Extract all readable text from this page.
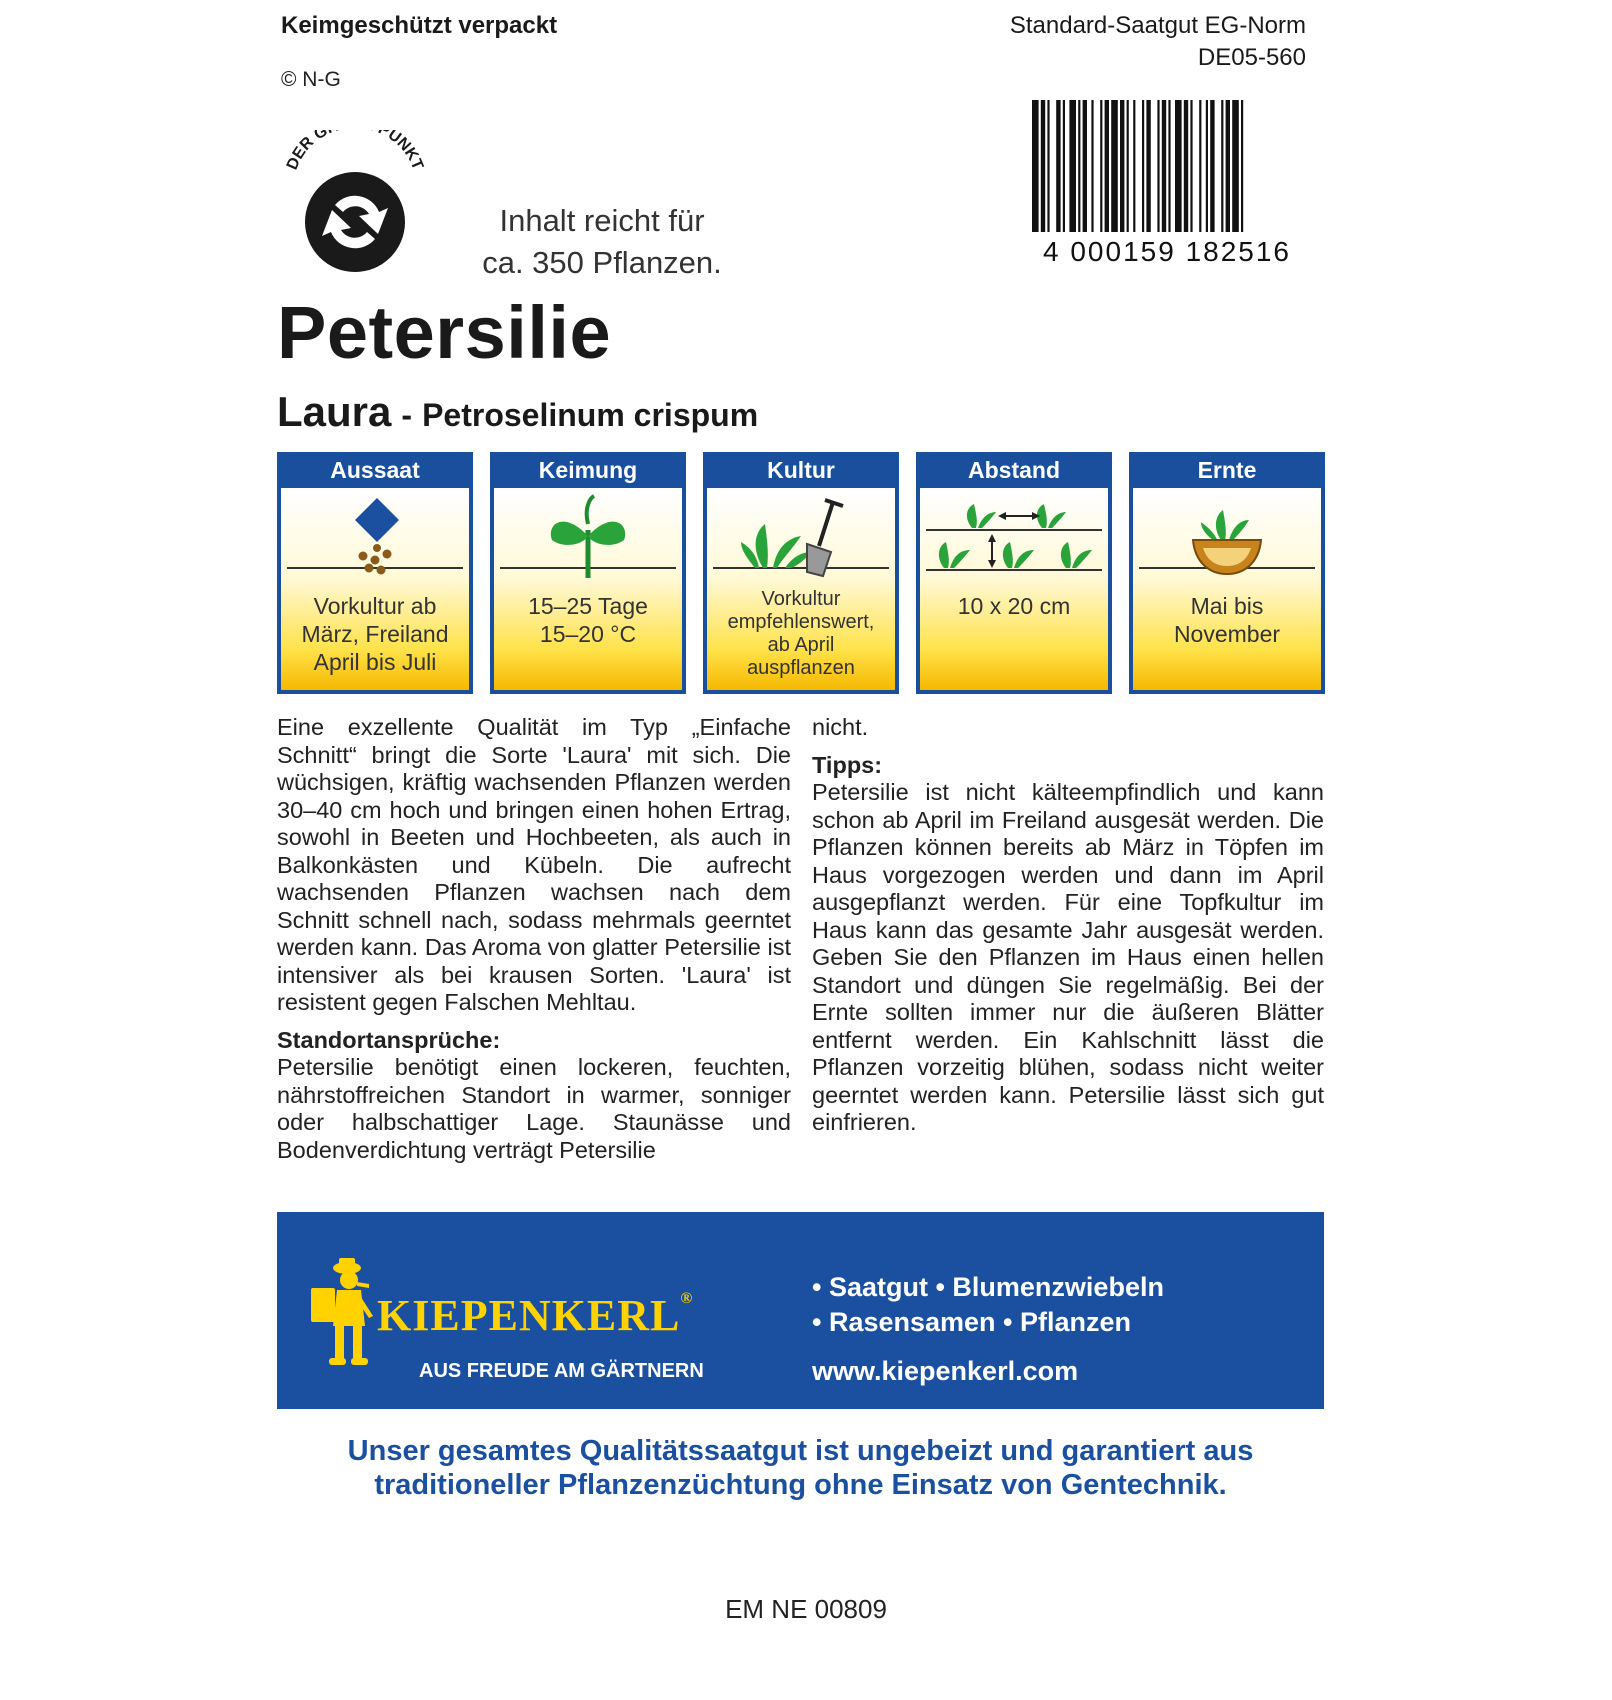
Keimgeschützt verpackt
© N-G
Standard-Saatgut EG-Norm
DE05-560
DER G PUNKT
4 000159 182516
Inhalt reicht für
ca. 350 Pflanzen.
Petersilie
Laura - Petroselinum crispum
Aussaat
Vorkultur ab
März, Freiland
April bis Juli
Keimung
15–25 Tage
15–20 °C
Kultur
Vorkultur
empfehlenswert,
ab April
auspflanzen
Abstand
10 x 20 cm
Ernte
Mai bis
November

Eine exzellente Qualität im Typ „Einfache Schnitt“ bringt die Sorte 'Laura' mit sich. Die wüchsigen, kräftig wachsenden Pflanzen werden 30–40 cm hoch und bringen einen hohen Ertrag, sowohl in Beeten und Hochbeeten, als auch in Balkonkästen und Kübeln. Die aufrecht wachsenden Pflanzen wachsen nach dem Schnitt schnell nach, sodass mehrmals geerntet werden kann. Das Aroma von glatter Petersilie ist intensiver als bei krausen Sorten. 'Laura' ist resistent gegen Falschen Mehltau.

Standortansprüche:

Petersilie benötigt einen lockeren, feuchten, nährstoffreichen Standort in warmer, sonniger oder halbschattiger Lage. Staunässe und Bodenverdichtung verträgt Petersilie

nicht.

Tipps:

Petersilie ist nicht kälteempfindlich und kann schon ab April im Freiland ausgesät werden. Die Pflanzen können bereits ab März in Töpfen im Haus vorgezogen werden und dann im April ausgepflanzt werden. Für eine Topfkultur im Haus kann das gesamte Jahr ausgesät werden. Geben Sie den Pflanzen im Haus einen hellen Standort und düngen Sie regelmäßig. Bei der Ernte sollten immer nur die äußeren Blätter entfernt werden. Ein Kahlschnitt lässt die Pflanzen vorzeitig blühen, sodass nicht weiter geerntet werden kann. Petersilie lässt sich gut einfrieren.

KIEPENKERL®
AUS FREUDE AM GÄRTNERN
• Saatgut • Blumenzwiebeln
• Rasensamen • Pflanzen
www.kiepenkerl.com
Unser gesamtes Qualitätssaatgut ist ungebeizt und garantiert aus
traditioneller Pflanzenzüchtung ohne Einsatz von Gentechnik.
EM NE 00809
